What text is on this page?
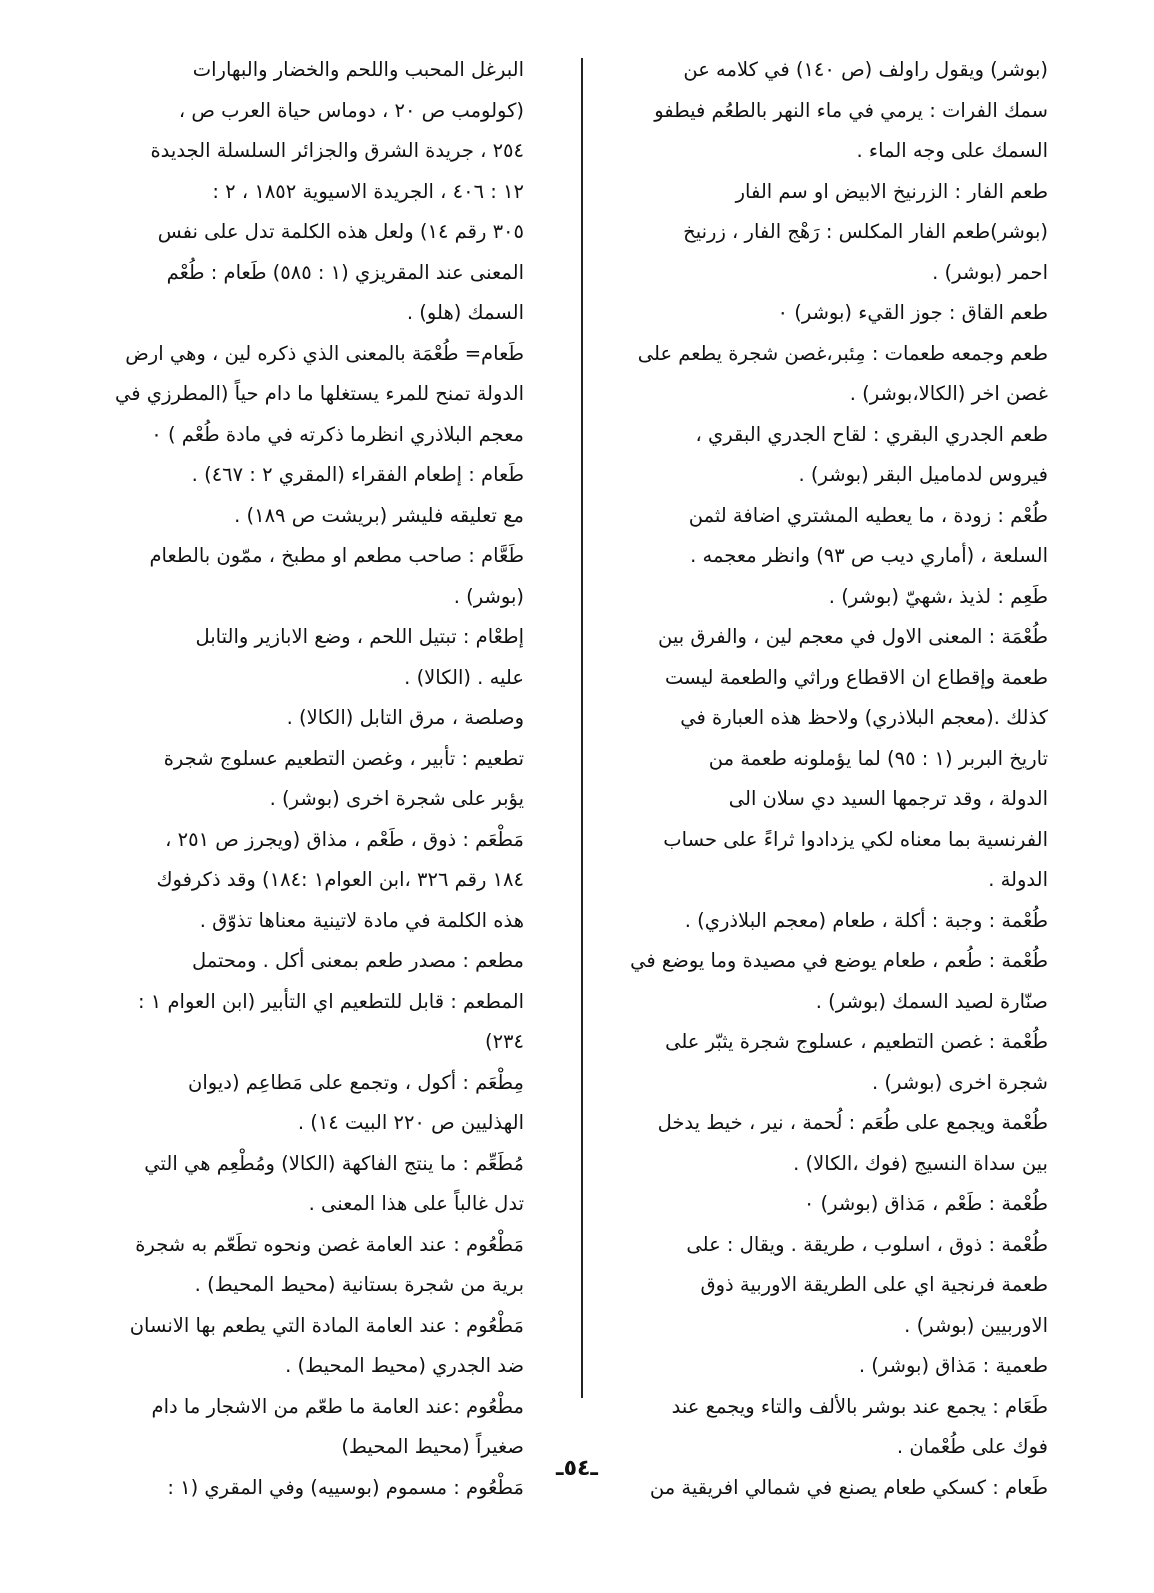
(بوشر) ويقول راولف (ص ١٤٠) في كلامه عن
سمك الفرات : يرمي في ماء النهر بالطعُم فيطفو
السمك على وجه الماء .
طعم الفار : الزرنيخ الابيض او سم الفار
(بوشر)طعم الفار المكلس : رَهْج الفار ، زرنيخ
احمر (بوشر) .
طعم القاق : جوز القيء (بوشر) ٠
طعم وجمعه طعمات : مِئبر،غصن شجرة يطعم على
غصن اخر (الكالا،بوشر) .
طعم الجدري البقري : لقاح الجدري البقري ،
فيروس لدماميل البقر (بوشر) .
طُعْم : زودة ، ما يعطيه المشتري اضافة لثمن
السلعة ، (أماري ديب ص ٩٣) وانظر معجمه .
طَعِم : لذيذ ،شهيّ (بوشر) .
طُعْمَة : المعنى الاول في معجم لين ، والفرق بين
طعمة وإقطاع ان الاقطاع وراثي والطعمة ليست
كذلك .(معجم البلاذري) ولاحظ هذه العبارة في
تاريخ البربر (١ : ٩٥) لما يؤملونه طعمة من
الدولة ، وقد ترجمها السيد دي سلان الى
الفرنسية بما معناه لكي يزدادوا ثراءً على حساب
الدولة .
طُعْمة : وجبة : أكلة ، طعام (معجم البلاذري) .
طُعْمة : طُعم ، طعام يوضع في مصيدة وما يوضع في
صنّارة لصيد السمك (بوشر) .
طُعْمة : غصن التطعيم ، عسلوج شجرة يثبّر على
شجرة اخرى (بوشر) .
طُعْمة ويجمع على طُعَم : لُحمة ، نير ، خيط يدخل
بين سداة النسيج (فوك ،الكالا) .
طُعْمة : طَعْم ، مَذاق (بوشر) ٠
طُعْمة : ذوق ، اسلوب ، طريقة . ويقال : على
طعمة فرنجية اي على الطريقة الاوربية ذوق
الاوربيين (بوشر) .
طعمية : مَذاق (بوشر) .
طَعَام : يجمع عند بوشر بالألف والتاء ويجمع عند
فوك على طُعْمان .
طَعام : كسكي طعام يصنع في شمالي افريقية من
البرغل المحبب واللحم والخضار والبهارات
(كولومب ص ٢٠ ، دوماس حياة العرب ص ،
٢٥٤ ، جريدة الشرق والجزائر السلسلة الجديدة
١٢ : ٤٠٦ ، الجريدة الاسيوية ١٨٥٢ ، ٢ :
٣٠٥ رقم ١٤) ولعل هذه الكلمة تدل على نفس
المعنى عند المقريزي (١ : ٥٨٥) طَعام : طُعْم
السمك (هلو) .
طَعام= طُعْمَة بالمعنى الذي ذكره لين ، وهي ارض
الدولة تمنح للمرء يستغلها ما دام حياً (المطرزي في
معجم البلاذري انظرما ذكرته في مادة طُعْم ) ٠
طَعام : إطعام الفقراء (المقري ٢ : ٤٦٧) .
مع تعليقه فليشر (بريشت ص ١٨٩) .
طَعَّام : صاحب مطعم او مطبخ ، ممّون بالطعام
(بوشر) .
إطعْام : تبتيل اللحم ، وضع الابازير والتابل
عليه . (الكالا) .
وصلصة ، مرق التابل (الكالا) .
تطعيم : تأبير ، وغصن التطعيم عسلوج شجرة
يؤبر على شجرة اخرى (بوشر) .
مَطْعَم : ذوق ، طَعْم ، مذاق (ويجرز ص ٢٥١ ،
١٨٤ رقم ٣٢٦ ،ابن العوام١ :١٨٤) وقد ذكرفوك
هذه الكلمة في مادة لاتينية معناها تذوّق .
مطعم : مصدر طعم بمعنى أكل . ومحتمل
المطعم : قابل للتطعيم اي التأبير (ابن العوام ١ :
٢٣٤)
مِطْعَم : أكول ، وتجمع على مَطاعِم (ديوان
الهذليين ص ٢٢٠ البيت ١٤) .
مُطَعِّم : ما ينتج الفاكهة (الكالا) ومُطْعِم هي التي
تدل غالباً على هذا المعنى .
مَطْعُوم : عند العامة غصن ونحوه تطَعّم به شجرة
برية من شجرة بستانية (محيط المحيط) .
مَطْعُوم : عند العامة المادة التي يطعم بها الانسان
ضد الجدري (محيط المحيط) .
مطْعُوم :عند العامة ما طعّم من الاشجار ما دام
صغيراً (محيط المحيط)
مَطْعُوم : مسموم (بوسييه) وفي المقري (١ :
ـ٥٤ـ
